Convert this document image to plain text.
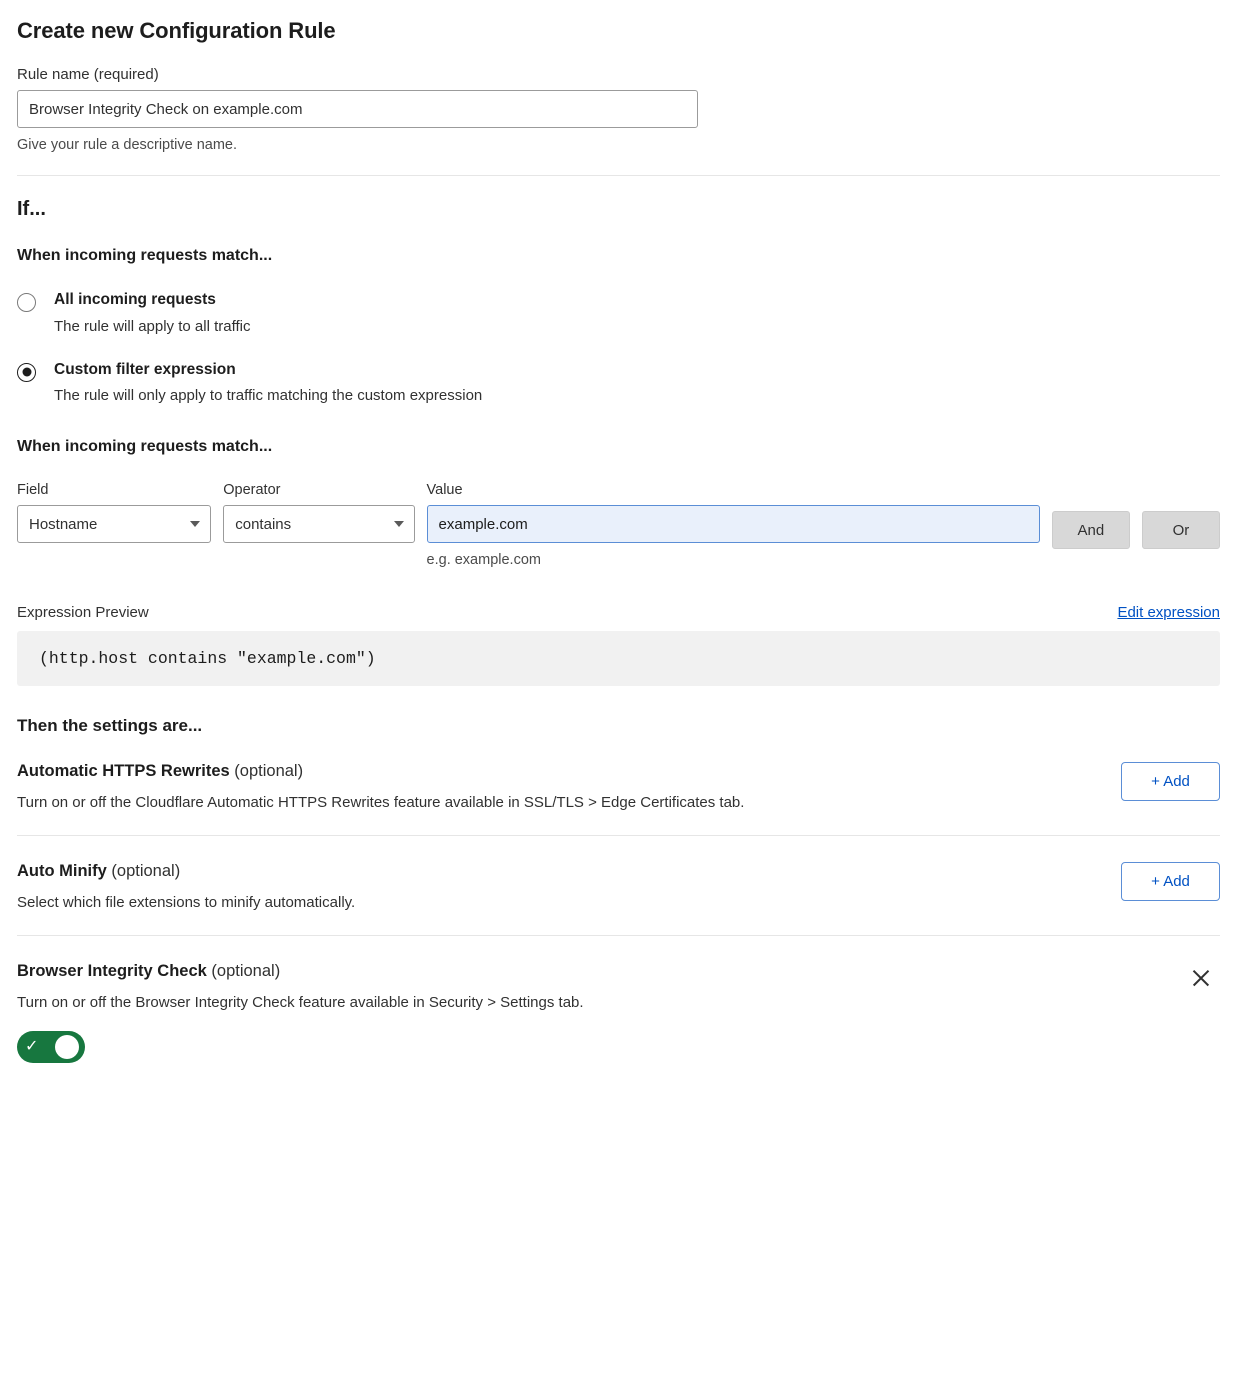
Create new Configuration Rule
Rule name (required)
Browser Integrity Check on example.com
Give your rule a descriptive name.
If...
When incoming requests match...
All incoming requests
The rule will apply to all traffic
Custom filter expression
The rule will only apply to traffic matching the custom expression
When incoming requests match...
Field
Hostname
Operator
contains
Value
example.com
e.g. example.com
And	Or
Expression Preview	Edit expression
(http.host contains "example.com")
Then the settings are...
Automatic HTTPS Rewrites (optional)
Turn on or off the Cloudflare Automatic HTTPS Rewrites feature available in SSL/TLS > Edge Certificates tab.
+ Add
Auto Minify (optional)
Select which file extensions to minify automatically.
+ Add
Browser Integrity Check (optional)
Turn on or off the Browser Integrity Check feature available in Security > Settings tab.
✓
